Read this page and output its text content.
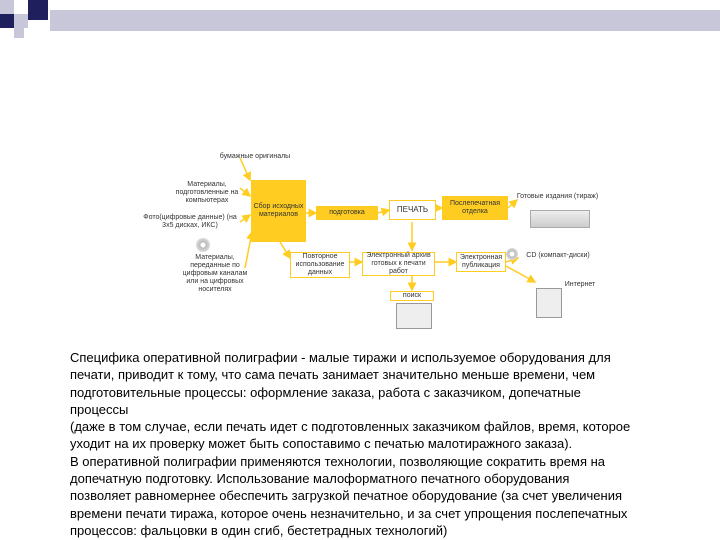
бумажные оригиналы
Материалы, подготовленные на компьютерах
Фото(цифровые данные) (на 3х5 дисках, ИКС)
Материалы, переданные по цифровым каналам или на цифровых носителях
Сбор исходных материалов	подготовка	ПЕЧАТЬ
Послепечатная отделка
Повторное использование данных
Электронный архив готовых к печати работ
Электронная публикация
поиск
Готовые издания (тираж)
CD (компакт-диски)
Интернет
Специфика оперативной полиграфии - малые тиражи и используемое оборудования для
печати, приводит к тому, что сама печать занимает значительно меньше времени, чем
подготовительные процессы: оформление заказа, работа с заказчиком, допечатные
процессы
(даже в том случае, если печать идет с подготовленных заказчиком файлов, время, которое
уходит на их проверку может быть сопоставимо с печатью малотиражного заказа).
В оперативной полиграфии применяются технологии, позволяющие сократить время на
допечатную подготовку. Использование малоформатного печатного оборудования
позволяет равномернее обеспечить загрузкой печатное оборудование (за счет увеличения
времени печати тиража, которое очень незначительно, и за счет упрощения послепечатных
процессов: фальцовки в один сгиб, бестетрадных технологий)
